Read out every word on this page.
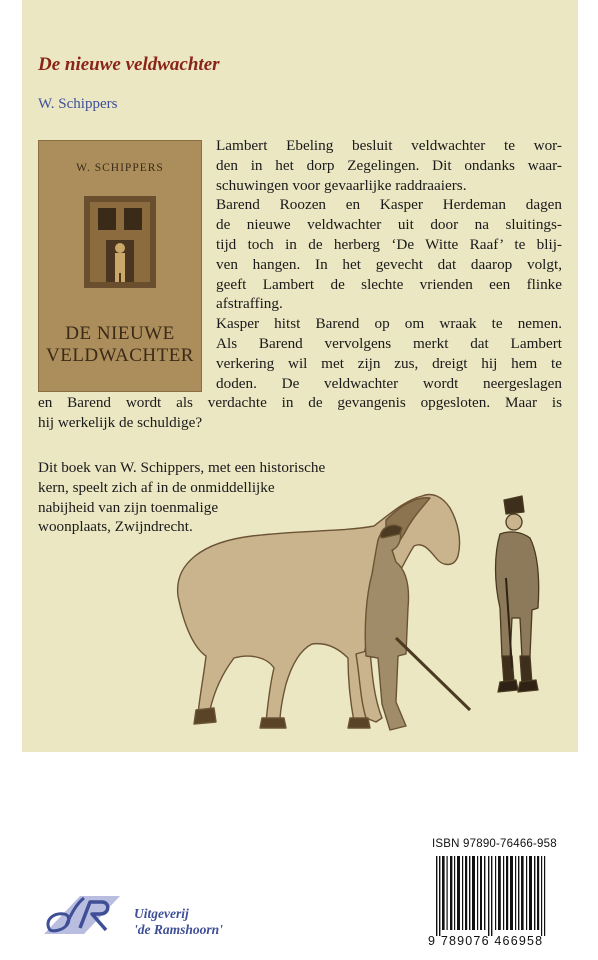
De nieuwe veldwachter
W. Schippers
W. SCHIPPERS
DE NIEUWE
VELDWACHTER
Lambert Ebeling besluit veldwachter te wor-
den in het dorp Zegelingen. Dit ondanks waar-
schuwingen voor gevaarlijke raddraaiers.
Barend Roozen en Kasper Herdeman dagen
de nieuwe veldwachter uit door na sluitings-
tijd toch in de herberg ‘De Witte Raaf’ te blij-
ven hangen. In het gevecht dat daarop volgt,
geeft Lambert de slechte vrienden een flinke
afstraffing.
Kasper hitst Barend op om wraak te nemen.
Als Barend vervolgens merkt dat Lambert
verkering wil met zijn zus, dreigt hij hem te
doden. De veldwachter wordt neergeslagen
en Barend wordt als verdachte in de gevangenis opgesloten. Maar is
hij werkelijk de schuldige?
Dit boek van W. Schippers, met een historische
kern, speelt zich af in de onmiddellijke
nabijheid van zijn toenmalige
woonplaats, Zwijndrecht.
ISBN 97890-76466-958
9 789076 466958
Uitgeverij
'de Ramshoorn'
